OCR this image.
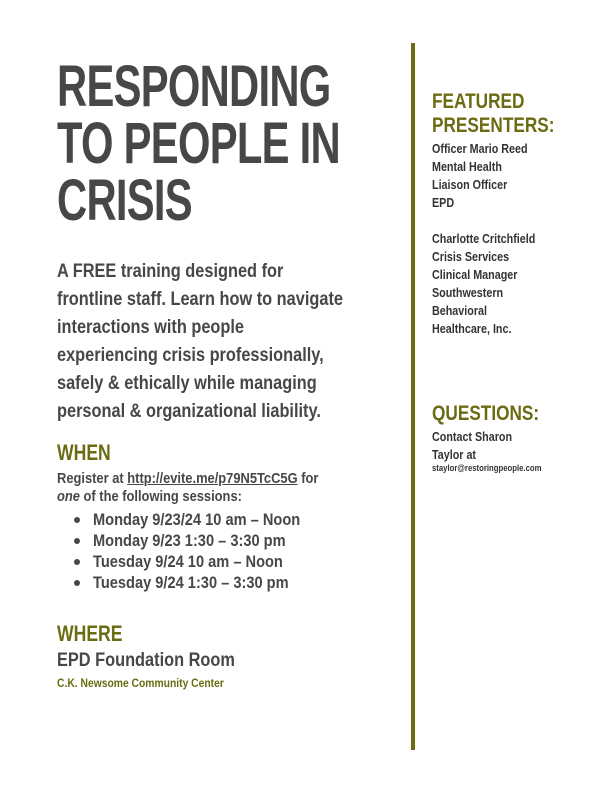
RESPONDING
TO PEOPLE IN
CRISIS
A FREE training designed for
frontline staff. Learn how to navigate
interactions with people
experiencing crisis professionally,
safely & ethically while managing
personal & organizational liability.
WHEN
Register at http://evite.me/p79N5TcC5G for
one of the following sessions:
Monday 9/23/24 10 am – Noon
Monday 9/23 1:30 – 3:30 pm
Tuesday 9/24 10 am – Noon
Tuesday 9/24 1:30 – 3:30 pm
WHERE
EPD Foundation Room
C.K. Newsome Community Center
FEATURED
PRESENTERS:
Officer Mario Reed
Mental Health
Liaison Officer
EPD
Charlotte Critchfield
Crisis Services
Clinical Manager
Southwestern
Behavioral
Healthcare, Inc.
QUESTIONS:
Contact Sharon
Taylor at
staylor@restoringpeople.com
